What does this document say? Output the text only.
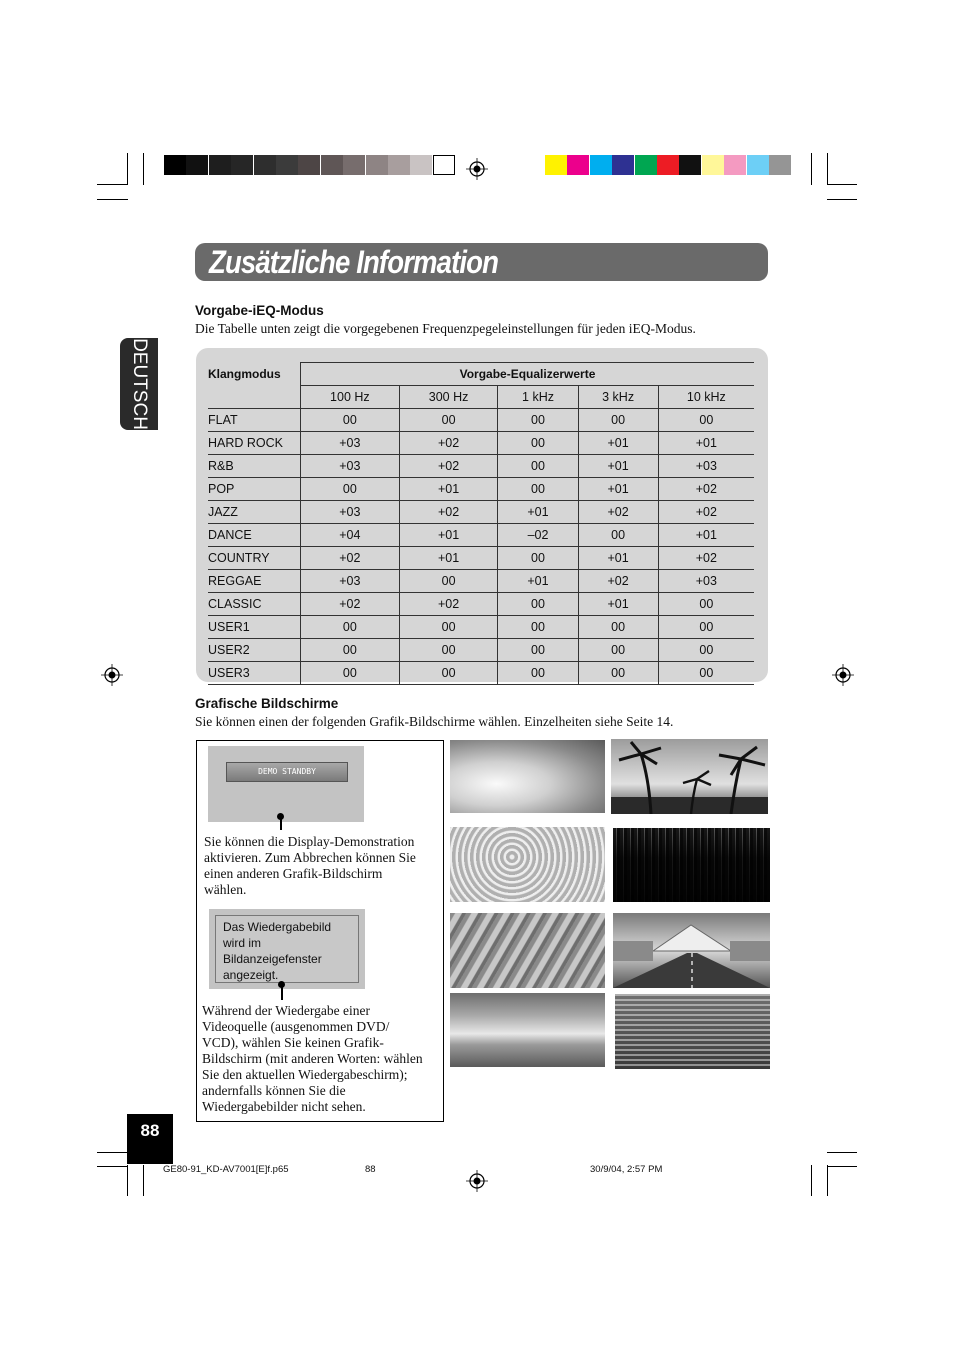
Zusätzliche Information
DEUTSCH
Vorgabe-iEQ-Modus
Die Tabelle unten zeigt die vorgegebenen Frequenzpegeleinstellungen für jeden iEQ-Modus.
Klangmodus	Vorgabe-Equalizerwerte				
	100 Hz	300 Hz	1 kHz	3 kHz	10 kHz
FLAT	00	00	00	00	00
HARD ROCK	+03	+02	00	+01	+01
R&B	+03	+02	00	+01	+03
POP	00	+01	00	+01	+02
JAZZ	+03	+02	+01	+02	+02
DANCE	+04	+01	–02	00	+01
COUNTRY	+02	+01	00	+01	+02
REGGAE	+03	00	+01	+02	+03
CLASSIC	+02	+02	00	+01	00
USER1	00	00	00	00	00
USER2	00	00	00	00	00
USER3	00	00	00	00	00
Grafische Bildschirme
Sie können einen der folgenden Grafik-Bildschirme wählen. Einzelheiten siehe Seite 14.
DEMO STANDBY
Sie können die Display-Demonstration
aktivieren. Zum Abbrechen können Sie
einen anderen Grafik-Bildschirm
wählen.
Das Wiedergabebild
wird im
Bildanzeigefenster
angezeigt.
Während der Wiedergabe einer
Videoquelle (ausgenommen DVD/
VCD), wählen Sie keinen Grafik-
Bildschirm (mit anderen Worten: wählen
Sie den aktuellen Wiedergabeschirm);
andernfalls können Sie die
Wiedergabebilder nicht sehen.
88
GE80-91_KD-AV7001[E]f.p65	88	30/9/04, 2:57 PM
